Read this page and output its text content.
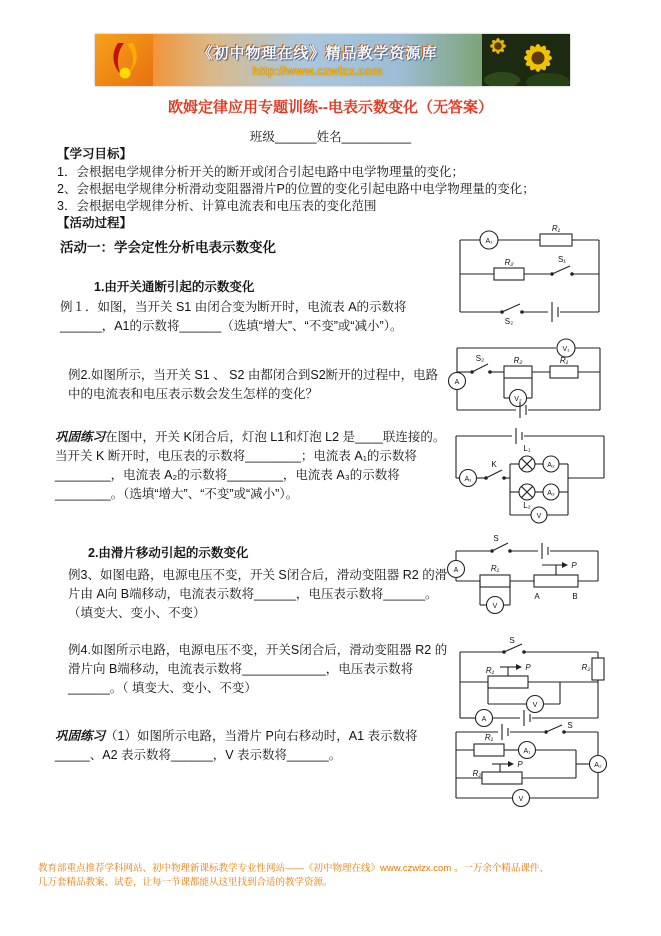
《初中物理在线》精品教学资源库
http://www.czwlzx.com
欧姆定律应用专题训练--电表示数变化（无答案）
班级______姓名__________
【学习目标】
1．会根据电学规律分析开关的断开或闭合引起电路中电学物理量的变化；
2、会根据电学规律分析滑动变阻器滑片P的位置的变化引起电路中电学物理量的变化；
3．会根据电学规律分析、计算电流表和电压表的变化范围
【活动过程】
活动一：学会定性分析电表示数变化
1.由开关通断引起的示数变化
例１．如图，当开关 S1 由闭合变为断开时，电流表 A的示数将______，A1的示数将______（选填“增大”、“不变”或“减小”）。
A₁
R₁
R₂	S₁
S₂
例2.如图所示，当开关 S1 、 S2 由都闭合到S2断开的过程中，电路中的电流表和电压表示数会发生怎样的变化？
V₁
A
S₂	R₂	R₁
V₂
巩固练习在图中，开关 K闭合后，灯泡 L1和灯泡 L2 是____联连接的。当开关 K 断开时，电压表的示数将________；电流表 A₁的示数将________，电流表 A₂的示数将________，电流表 A₃的示数将________。（选填“增大”、“不变”或“减小”）。
A₁
K
L₁
A₂
L₂
A₃
V
2.由滑片移动引起的示数变化
例3、如图电路，电源电压不变，开关 S闭合后，滑动变阻器 R2 的滑片由 A向 B端移动，电流表示数将______，电压表示数将______。（填变大、变小、不变）
S
A	R₁	P
A	B
V
例4.如图所示电路，电源电压不变，开关S闭合后，滑动变阻器 R2 的滑片向 B端移动，电流表示数将____________，电压表示数将______。（ 填变大、变小、不变）
S
R₂
R₁	P
V
A
巩固练习（1）如图所示电路，当滑片 P向右移动时，A1 表示数将_____、A2 表示数将______，V 表示数将______。
S
A₂
R₁
A₁
R₂
P
V
教育部重点推荐学科网站、初中物理新课标教学专业性网站——《初中物理在线》www.czwlzx.com 。一万余个精品课件、
几万套精品教案、试卷，让每一节课都能从这里找到合适的教学资源。
